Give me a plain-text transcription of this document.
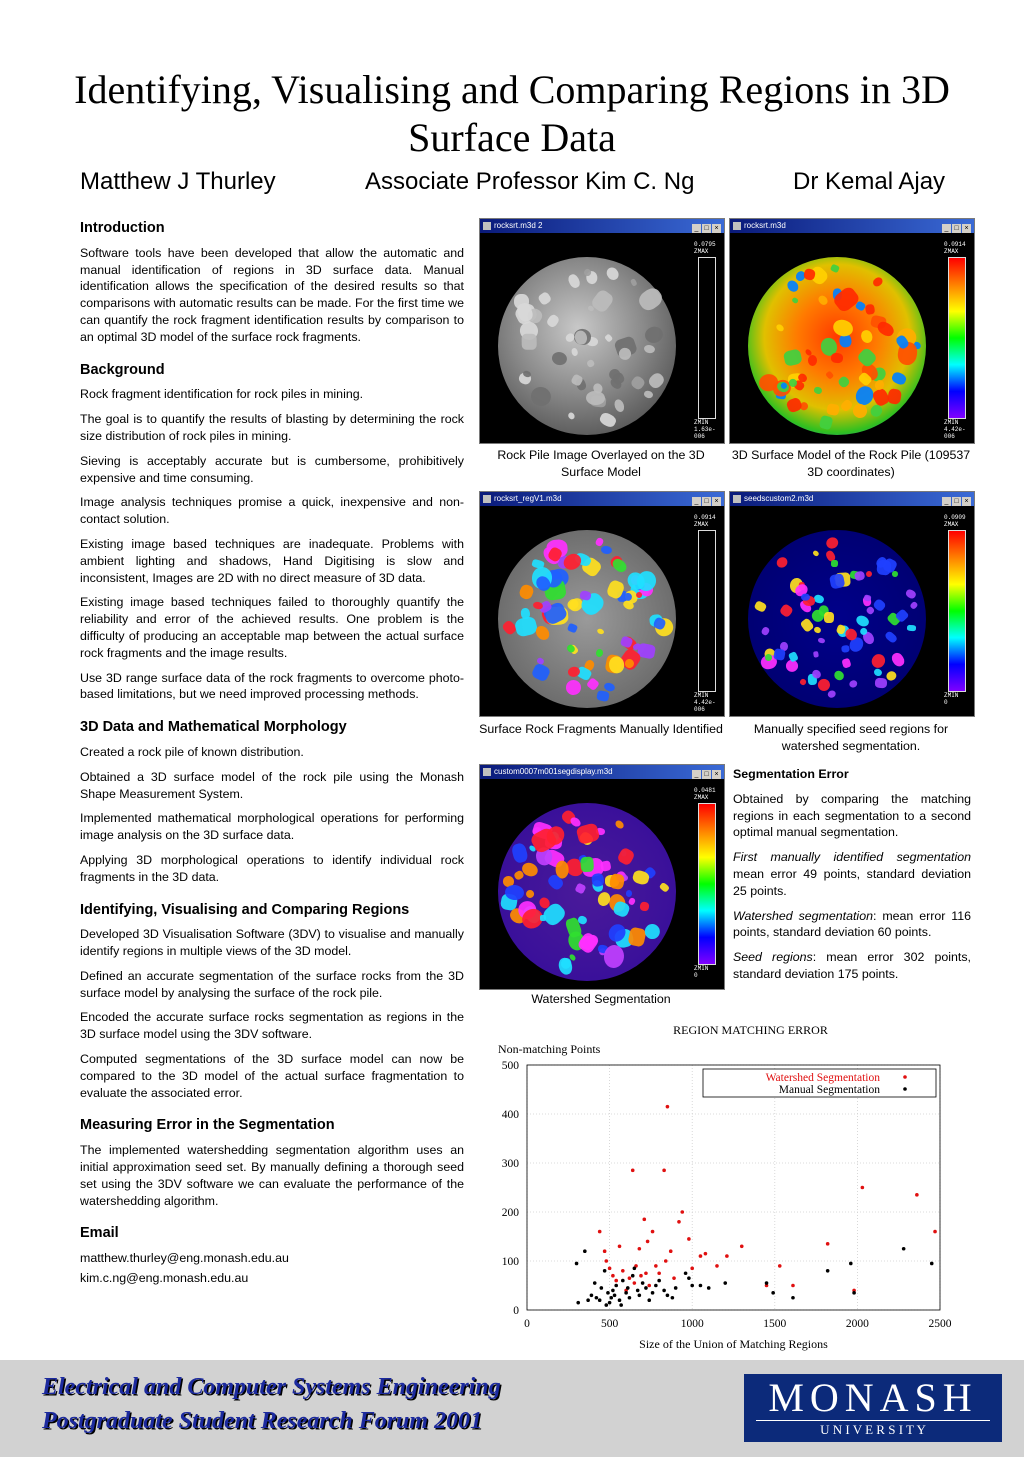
Identifying, Visualising and Comparing Regions in 3D Surface Data
Matthew J Thurley	Associate Professor Kim C. Ng	Dr Kemal Ajay
Introduction

Software tools have been developed that allow the automatic and manual identification of regions in 3D surface data. Manual identification allows the specification of the desired results so that comparisons with automatic results can be made. For the first time we can quantify the rock fragment identification results by comparison to an optimal 3D model of the surface rock fragments.

Background

Rock fragment identification for rock piles in mining.

The goal is to quantify the results of blasting by determining the rock size distribution of rock piles in mining.

Sieving is acceptably accurate but is cumbersome, prohibitively expensive and time consuming.

Image analysis techniques promise a quick, inexpensive and non-contact solution.

Existing image based techniques are inadequate. Problems with ambient lighting and shadows, Hand Digitising is slow and inconsistent, Images are 2D with no direct measure of 3D data.

Existing image based techniques failed to thoroughly quantify the reliability and error of the achieved results. One problem is the difficulty of producing an acceptable map between the actual surface rock fragments and the image results.

Use 3D range surface data of the rock fragments to overcome photo-based limitations, but we need improved processing methods.

3D Data and Mathematical Morphology

Created a rock pile of known distribution.

Obtained a 3D surface model of the rock pile using the Monash Shape Measurement System.

Implemented mathematical morphological operations for performing image analysis on the 3D surface data.

Applying 3D morphological operations to identify individual rock fragments in the 3D data.

Identifying, Visualising and Comparing Regions

Developed 3D Visualisation Software (3DV) to visualise and manually identify regions in multiple views of the 3D model.

Defined an accurate segmentation of the surface rocks from the 3D surface model by analysing the surface of the rock pile.

Encoded the accurate surface rocks segmentation as regions in the 3D surface model using the 3DV software.

Computed segmentations of the 3D surface model can now be compared to the 3D model of the actual surface fragmentation to evaluate the associated error.

Measuring Error in the Segmentation

The implemented watershedding segmentation algorithm uses an initial approximation seed set. By manually defining a thorough seed set using the 3DV software we can evaluate the performance of the watershedding algorithm.

Email
matthew.thurley@eng.monash.edu.au
kim.c.ng@eng.monash.edu.au
rocksrt.m3d 2	_ □ ×
0.0795
ZMAX
ZMIN
1.63e-006
rocksrt.m3d	_ □ ×
0.0914
ZMAX
ZMIN
4.42e-006
rocksrt_regV1.m3d	_ □ ×
0.0914
ZMAX
ZMIN
4.42e-006
seedscustom2.m3d	_ □ ×
0.0909
ZMAX
ZMIN
0
custom0007m001segdisplay.m3d	_ □ ×
0.0481
ZMAX
ZMIN
0
Rock Pile Image Overlayed on the 3D Surface Model
3D Surface Model of the Rock Pile (109537 3D coordinates)
Surface Rock Fragments Manually Identified	Manually specified seed regions for watershed segmentation.
Watershed Segmentation
Segmentation Error

Obtained by comparing the matching regions in each segmentation to a second optimal manual segmentation.

First manually identified segmentation mean error 49 points, standard deviation 25 points.

Watershed segmentation: mean error 116 points, standard deviation 60 points.

Seed regions: mean error 302 points, standard deviation 175 points.

REGION MATCHING ERROR
Non-matching Points
Size of the Union of Matching Regions
0	500	1000	1500	2000	2500
0
100
200
300
400
500
Watershed Segmentation
Manual Segmentation
Electrical and Computer Systems Engineering
Postgraduate Student Research Forum 2001
MONASH
U N I V E R S I T Y
